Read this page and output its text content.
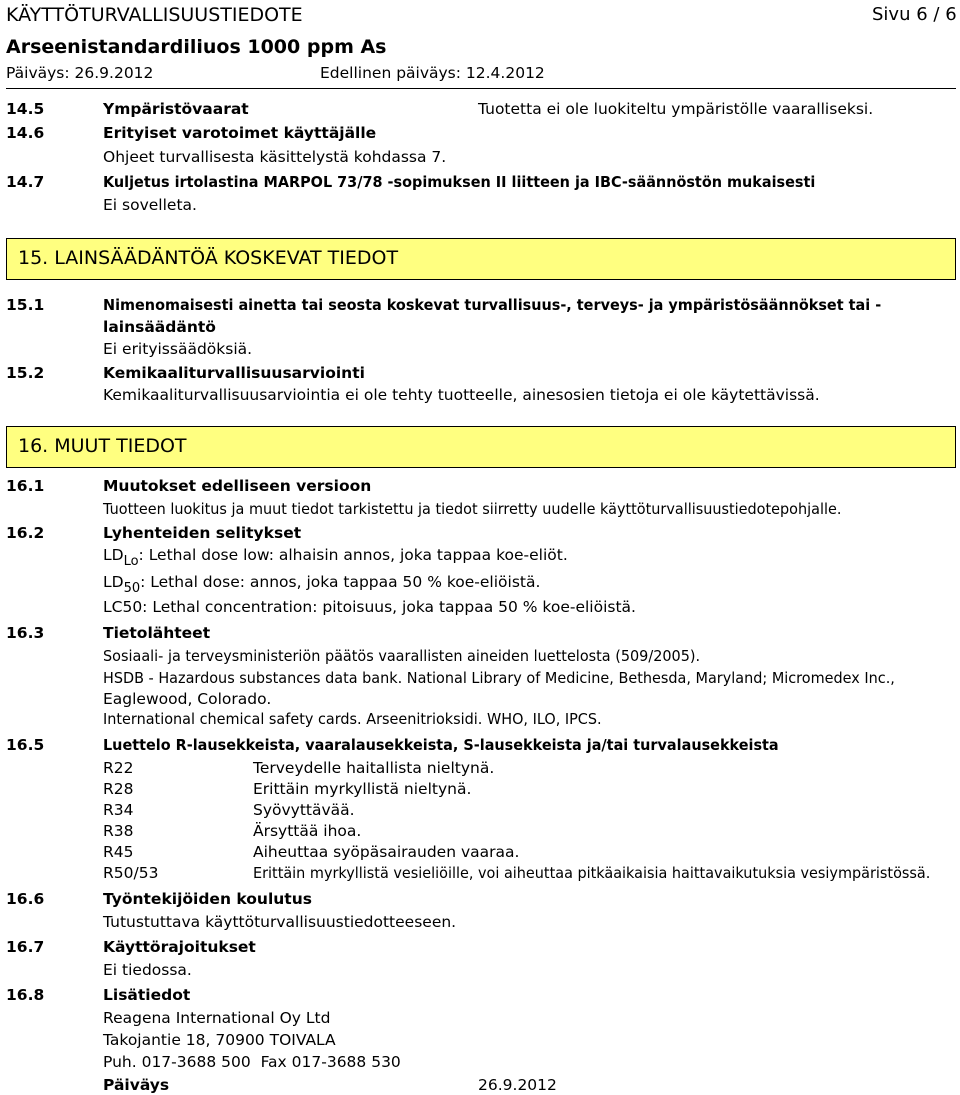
KÄYTTÖTURVALLISUUSTIEDOTE	Sivu 6 / 6
Arseenistandardiliuos 1000 ppm As
Päiväys: 26.9.2012	Edellinen päiväys: 12.4.2012
14.5	Ympäristövaarat	Tuotetta ei ole luokiteltu ympäristölle vaaralliseksi.
14.6	Erityiset varotoimet käyttäjälle
Ohjeet turvallisesta käsittelystä kohdassa 7.
14.7	Kuljetus irtolastina MARPOL 73/78 -sopimuksen II liitteen ja IBC-säännöstön mukaisesti
Ei sovelleta.
15. LAINSÄÄDÄNTÖÄ KOSKEVAT TIEDOT
15.1	Nimenomaisesti ainetta tai seosta koskevat turvallisuus-, terveys- ja ympäristösäännökset tai -
lainsäädäntö
Ei erityissäädöksiä.
15.2	Kemikaaliturvallisuusarviointi
Kemikaaliturvallisuusarviointia ei ole tehty tuotteelle, ainesosien tietoja ei ole käytettävissä.
16. MUUT TIEDOT
16.1	Muutokset edelliseen versioon
Tuotteen luokitus ja muut tiedot tarkistettu ja tiedot siirretty uudelle käyttöturvallisuustiedotepohjalle.
16.2	Lyhenteiden selitykset
$LD_{Lo}$: Lethal dose low: alhaisin annos, joka tappaa koe-eliöt.
$LD_{50}$: Lethal dose: annos, joka tappaa 50 % koe-eliöistä.
LC50: Lethal concentration: pitoisuus, joka tappaa 50 % koe-eliöistä.
16.3	Tietolähteet
Sosiaali- ja terveysministeriön päätös vaarallisten aineiden luettelosta (509/2005).
HSDB - Hazardous substances data bank. National Library of Medicine, Bethesda, Maryland; Micromedex Inc.,
Eaglewood, Colorado.
International chemical safety cards. Arseenitrioksidi. WHO, ILO, IPCS.
16.5	Luettelo R-lausekkeista, vaaralausekkeista, S-lausekkeista ja/tai turvalausekkeista
R22	Terveydelle haitallista nieltynä.
R28	Erittäin myrkyllistä nieltynä.
R34	Syövyttävää.
R38	Ärsyttää ihoa.
R45	Aiheuttaa syöpäsairauden vaaraa.
R50/53	Erittäin myrkyllistä vesieliöille, voi aiheuttaa pitkäaikaisia haittavaikutuksia vesiympäristössä.
16.6	Työntekijöiden koulutus
Tutustuttava käyttöturvallisuustiedotteeseen.
16.7	Käyttörajoitukset
Ei tiedossa.
16.8	Lisätiedot
Reagena International Oy Ltd
Takojantie 18, 70900 TOIVALA
Puh. 017-3688 500  Fax 017-3688 530
Päiväys	26.9.2012
